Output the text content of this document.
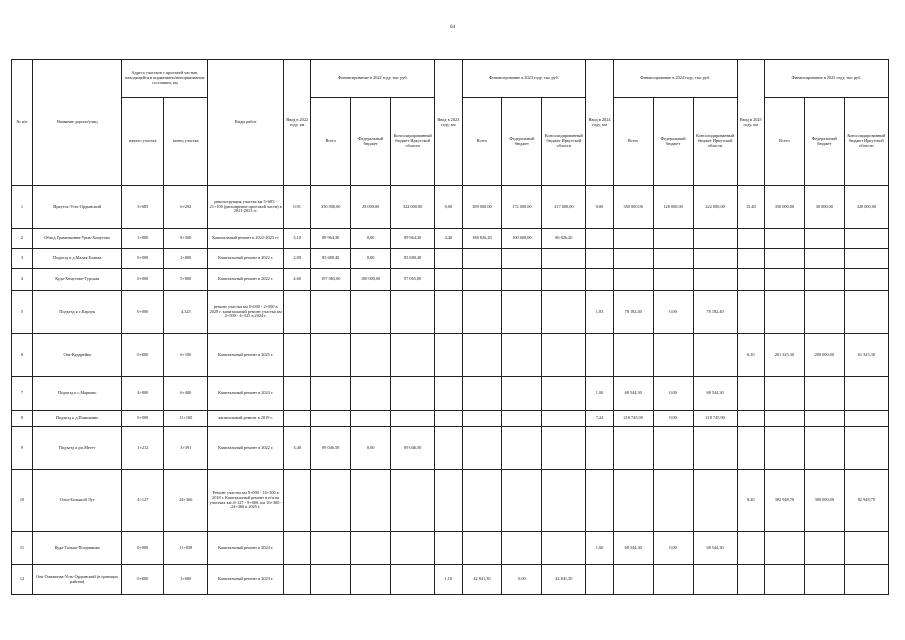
64
№ п/п	Название дороги/улиц	Адреса участков с проезжей частью, находящейся в нормативно/ненормативном состоянии, км		Виды работ	Ввод в 2022 году, км	Финансирование в 2022 году, тыс руб.			Ввод в 2023 году, км	Финансирование в 2023 году, тыс руб.			Ввод в 2024 году, км	Финансирование в 2024 году, тыс руб.			Ввод в 2025 году, км	Финансирование в 2025 году, тыс руб.		
		начало участка	конец участка			Всего	Федеральный бюджет	Консолидированный бюджет Иркутской области		Всего	Федеральный бюджет	Консолидированный бюджет Иркутской области		Всего	Федеральный бюджет	Консолидированный бюджет Иркутской области		Всего	Федеральный бюджет	Консолидированный бюджет Иркутской области
1	Иркутск-Усть-Ордынский	3+685	6+292	реконструкция участка км 5+685 - 21+100 (расширение проезжей части) в 2021-2023 гг.	0,91	350 000,00	28 000,00	322 000,00	0,00	389 000,00	172 000,00	217 000,00	0,00	350 000,00	128 000,00	222 000,00	15,40	350 000,00	30 000,00	320 000,00
2	Обход Граматкинна-Урик-Хомутово	1+000	8+300	Капитальный ремонт в 2022-2023 гг.	3,10	89 964,30	0,00	89 964,30	4,40	186 826,20	100 000,00	86 826,20								
3	Подъезд к д.Малая Еланка	0+000	2+000	Капитальный ремонт в 2022 г.	2,00	85 680,40	0,00	85 680,40												
4	Куда-Хомутово-Турская	0+000	5+000	Капитальный ремонт в 2022 г.	4,60	197 065,00	100 000,00	97 065,00												
5	Подъезд к с.Карлук	0+000	4,325	ремонт участка км 0+000 - 2+500 в 2020 г. капитальный ремонт участка км 2+500 - 4+325 в 2024 г.									1,83	78 182,40	0,00	78 182,40				
6	Оек-Кударейка	0+000	6+100	Капитальный ремонт в 2025 г.													6,10	261 325,30	200 000,00	61 325,30
7	Подъезд к с.Марково	4+800	6+400	Капитальный ремонт в 2024 г.									1,00	68 544,30	0,00	68 544,30				
8	Подъезд к д.Плишкино	0+000	11+100	капитальный ремонт в 2019 г.									7,24	218 745,90	0,00	218 745,90				
9	Подъезд к рп.Мегет	1+212	3+391	Капитальный ремонт в 2022 г.	3,40	89 046,50	0,00	89 046,50												
10	Олха-Большой Луг	4+127	24+366	Ремонт участка км 9+000 - 16+300 в 2018 г. Капитальный ремонт в н/п на участках км 4+127 - 9+000, км 16+300 - 24+366 в 2025 г.													8,20	382 948,70	300 000,00	82 948,70
11	Куда-Талька-Позднякова	0+000	11+838	Капитальный ремонт в 2024 г.									1,60	68 544,30	0,00	68 544,30				
12	Оек-Тимашова-Усть-Ордынский (в границах района)	0+000	3+600	Капитальный ремонт в 2023 г.					1,10	42 841,30	0,00	42 841,30								
